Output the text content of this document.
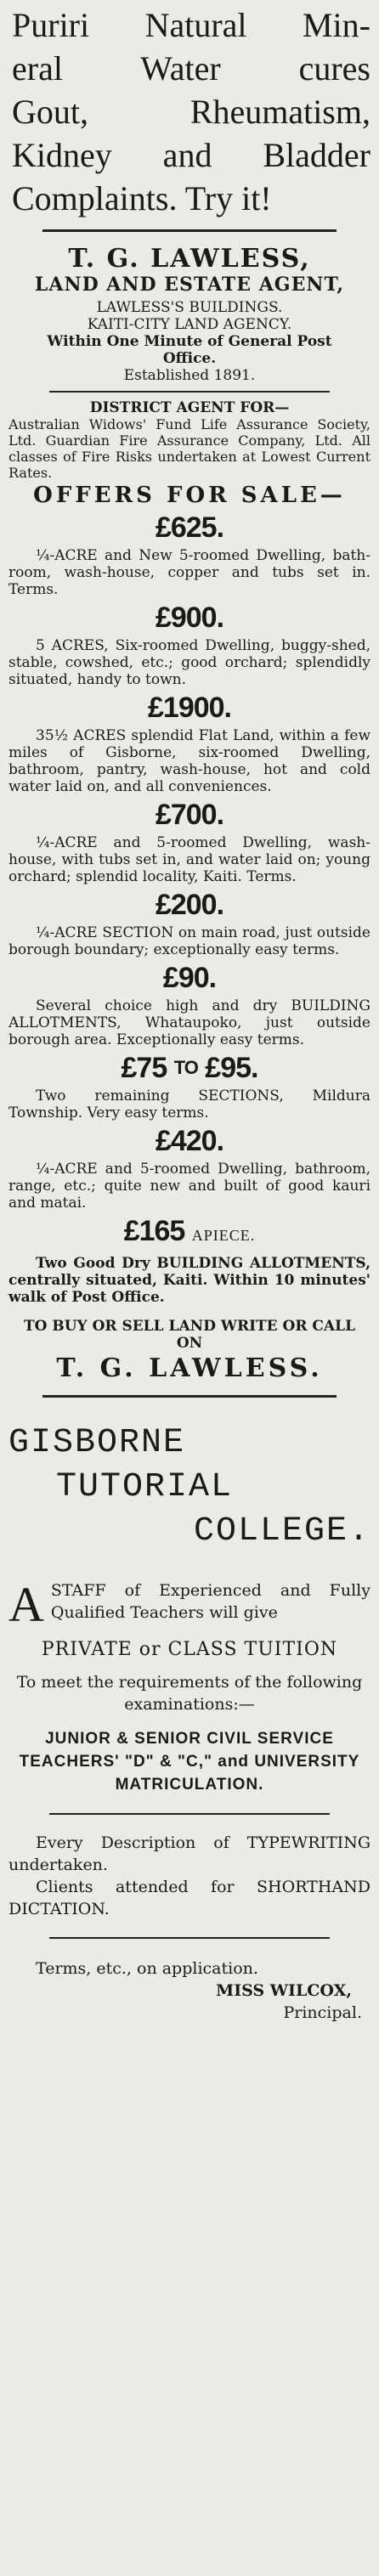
Puriri Natural Min-
eral Water cures
Gout, Rheumatism,
Kidney and Bladder
Complaints. Try it!

T. G. LAWLESS,

LAND AND ESTATE AGENT,

LAWLESS'S BUILDINGS.

KAITI-CITY LAND AGENCY.

Within One Minute of General Post Office.

Established 1891.

DISTRICT AGENT FOR—

Australian Widows' Fund Life Assurance Society, Ltd. Guardian Fire Assurance Company, Ltd. All classes of Fire Risks undertaken at Lowest Current Rates.

OFFERS FOR SALE—

£625.

¼-ACRE and New 5-roomed Dwelling, bath-room, wash-house, copper and tubs set in. Terms.

£900.

5 ACRES, Six-roomed Dwelling, buggy-shed, stable, cowshed, etc.; good orchard; splendidly situated, handy to town.

£1900.

35½ ACRES splendid Flat Land, within a few miles of Gisborne, six-roomed Dwelling, bathroom, pantry, wash-house, hot and cold water laid on, and all conveniences.

£700.

¼-ACRE and 5-roomed Dwelling, wash-house, with tubs set in, and water laid on; young orchard; splendid locality, Kaiti. Terms.

£200.

¼-ACRE SECTION on main road, just outside borough boundary; exceptionally easy terms.

£90.

Several choice high and dry BUILDING ALLOTMENTS, Whataupoko, just outside borough area. Exceptionally easy terms.

£75 TO £95.

Two remaining SECTIONS, Mildura Township. Very easy terms.

£420.

¼-ACRE and 5-roomed Dwelling, bathroom, range, etc.; quite new and built of good kauri and matai.

£165 APIECE.

Two Good Dry BUILDING ALLOTMENTS, centrally situated, Kaiti. Within 10 minutes' walk of Post Office.

TO BUY OR SELL LAND WRITE OR CALL ON

T. G. LAWLESS.

GISBORNE

TUTORIAL

COLLEGE.

A STAFF of Experienced and Fully Qualified Teachers will give

PRIVATE or CLASS TUITION

To meet the requirements of the following examinations:—

JUNIOR & SENIOR CIVIL SERVICE TEACHERS' "D" & "C," and UNIVERSITY MATRICULATION.

Every Description of TYPEWRITING undertaken.

Clients attended for SHORTHAND DICTATION.

Terms, etc., on application.

MISS WILCOX,

Principal.
